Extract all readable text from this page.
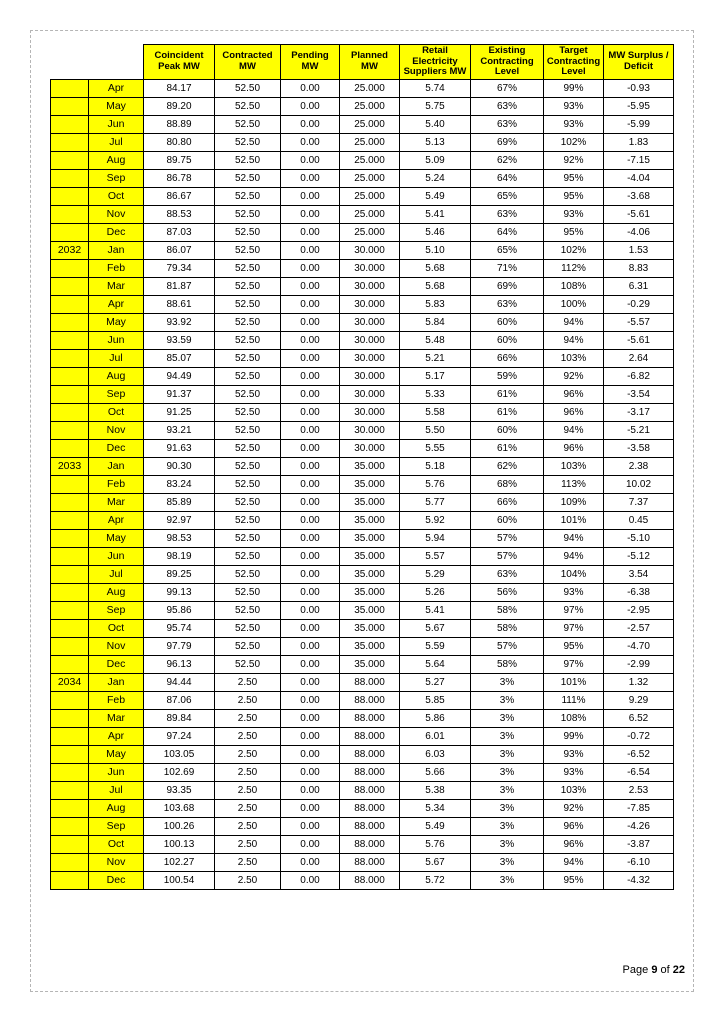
		Coincident Peak MW	Contracted MW	Pending MW	Planned MW	Retail Electricity Suppliers MW	Existing Contracting Level	Target Contracting Level	MW Surplus / Deficit
	Apr	84.17	52.50	0.00	25.000	5.74	67%	99%	-0.93
	May	89.20	52.50	0.00	25.000	5.75	63%	93%	-5.95
	Jun	88.89	52.50	0.00	25.000	5.40	63%	93%	-5.99
	Jul	80.80	52.50	0.00	25.000	5.13	69%	102%	1.83
	Aug	89.75	52.50	0.00	25.000	5.09	62%	92%	-7.15
	Sep	86.78	52.50	0.00	25.000	5.24	64%	95%	-4.04
	Oct	86.67	52.50	0.00	25.000	5.49	65%	95%	-3.68
	Nov	88.53	52.50	0.00	25.000	5.41	63%	93%	-5.61
	Dec	87.03	52.50	0.00	25.000	5.46	64%	95%	-4.06
2032	Jan	86.07	52.50	0.00	30.000	5.10	65%	102%	1.53
	Feb	79.34	52.50	0.00	30.000	5.68	71%	112%	8.83
	Mar	81.87	52.50	0.00	30.000	5.68	69%	108%	6.31
	Apr	88.61	52.50	0.00	30.000	5.83	63%	100%	-0.29
	May	93.92	52.50	0.00	30.000	5.84	60%	94%	-5.57
	Jun	93.59	52.50	0.00	30.000	5.48	60%	94%	-5.61
	Jul	85.07	52.50	0.00	30.000	5.21	66%	103%	2.64
	Aug	94.49	52.50	0.00	30.000	5.17	59%	92%	-6.82
	Sep	91.37	52.50	0.00	30.000	5.33	61%	96%	-3.54
	Oct	91.25	52.50	0.00	30.000	5.58	61%	96%	-3.17
	Nov	93.21	52.50	0.00	30.000	5.50	60%	94%	-5.21
	Dec	91.63	52.50	0.00	30.000	5.55	61%	96%	-3.58
2033	Jan	90.30	52.50	0.00	35.000	5.18	62%	103%	2.38
	Feb	83.24	52.50	0.00	35.000	5.76	68%	113%	10.02
	Mar	85.89	52.50	0.00	35.000	5.77	66%	109%	7.37
	Apr	92.97	52.50	0.00	35.000	5.92	60%	101%	0.45
	May	98.53	52.50	0.00	35.000	5.94	57%	94%	-5.10
	Jun	98.19	52.50	0.00	35.000	5.57	57%	94%	-5.12
	Jul	89.25	52.50	0.00	35.000	5.29	63%	104%	3.54
	Aug	99.13	52.50	0.00	35.000	5.26	56%	93%	-6.38
	Sep	95.86	52.50	0.00	35.000	5.41	58%	97%	-2.95
	Oct	95.74	52.50	0.00	35.000	5.67	58%	97%	-2.57
	Nov	97.79	52.50	0.00	35.000	5.59	57%	95%	-4.70
	Dec	96.13	52.50	0.00	35.000	5.64	58%	97%	-2.99
2034	Jan	94.44	2.50	0.00	88.000	5.27	3%	101%	1.32
	Feb	87.06	2.50	0.00	88.000	5.85	3%	111%	9.29
	Mar	89.84	2.50	0.00	88.000	5.86	3%	108%	6.52
	Apr	97.24	2.50	0.00	88.000	6.01	3%	99%	-0.72
	May	103.05	2.50	0.00	88.000	6.03	3%	93%	-6.52
	Jun	102.69	2.50	0.00	88.000	5.66	3%	93%	-6.54
	Jul	93.35	2.50	0.00	88.000	5.38	3%	103%	2.53
	Aug	103.68	2.50	0.00	88.000	5.34	3%	92%	-7.85
	Sep	100.26	2.50	0.00	88.000	5.49	3%	96%	-4.26
	Oct	100.13	2.50	0.00	88.000	5.76	3%	96%	-3.87
	Nov	102.27	2.50	0.00	88.000	5.67	3%	94%	-6.10
	Dec	100.54	2.50	0.00	88.000	5.72	3%	95%	-4.32
Page 9 of 22
